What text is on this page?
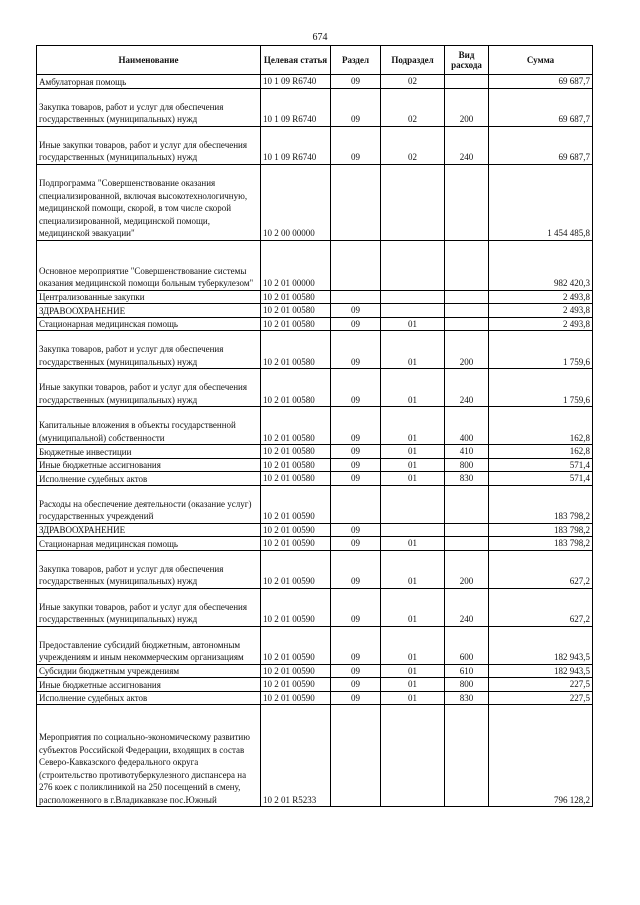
674
Наименование	Целевая статья	Раздел	Подраздел	Вид расхода	Сумма

Амбулаторная помощь	10 1 09 R6740	09	02		69 687,7

Закупка товаров, работ и услуг для обеспечения государственных (муниципальных) нужд	10 1 09 R6740	09	02	200	69 687,7

Иные закупки товаров, работ и услуг для обеспечения государственных (муниципальных) нужд	10 1 09 R6740	09	02	240	69 687,7

Подпрограмма "Совершенствование оказания специализированной, включая высокотехнологичную, медицинской помощи, скорой, в том числе скорой специализированной, медицинской помощи, медицинской эвакуации"	10 2 00 00000				1 454 485,8

Основное мероприятие "Совершенствование системы оказания медицинской помощи больным туберкулезом"	10 2 01 00000				982 420,3

Централизованные закупки	10 2 01 00580				2 493,8

ЗДРАВООХРАНЕНИЕ	10 2 01 00580	09			2 493,8

Стационарная медицинская помощь	10 2 01 00580	09	01		2 493,8

Закупка товаров, работ и услуг для обеспечения государственных (муниципальных) нужд	10 2 01 00580	09	01	200	1 759,6

Иные закупки товаров, работ и услуг для обеспечения государственных (муниципальных) нужд	10 2 01 00580	09	01	240	1 759,6

Капитальные вложения в объекты государственной (муниципальной) собственности	10 2 01 00580	09	01	400	162,8

Бюджетные инвестиции	10 2 01 00580	09	01	410	162,8

Иные бюджетные ассигнования	10 2 01 00580	09	01	800	571,4

Исполнение судебных актов	10 2 01 00580	09	01	830	571,4

Расходы на обеспечение деятельности (оказание услуг) государственных учреждений	10 2 01 00590				183 798,2

ЗДРАВООХРАНЕНИЕ	10 2 01 00590	09			183 798,2

Стационарная медицинская помощь	10 2 01 00590	09	01		183 798,2

Закупка товаров, работ и услуг для обеспечения государственных (муниципальных) нужд	10 2 01 00590	09	01	200	627,2

Иные закупки товаров, работ и услуг для обеспечения государственных (муниципальных) нужд	10 2 01 00590	09	01	240	627,2

Предоставление субсидий бюджетным, автономным учреждениям и иным некоммерческим организациям	10 2 01 00590	09	01	600	182 943,5

Субсидии бюджетным учреждениям	10 2 01 00590	09	01	610	182 943,5

Иные бюджетные ассигнования	10 2 01 00590	09	01	800	227,5

Исполнение судебных актов	10 2 01 00590	09	01	830	227,5

Мероприятия по социально-экономическому развитию субъектов Российской Федерации, входящих в состав Северо-Кавказского федерального округа (строительство противотуберкулезного диспансера на 276 коек с поликлиникой на 250 посещений в смену, расположенного в г.Владикавказе пос.Южный	10 2 01 R5233				796 128,2
